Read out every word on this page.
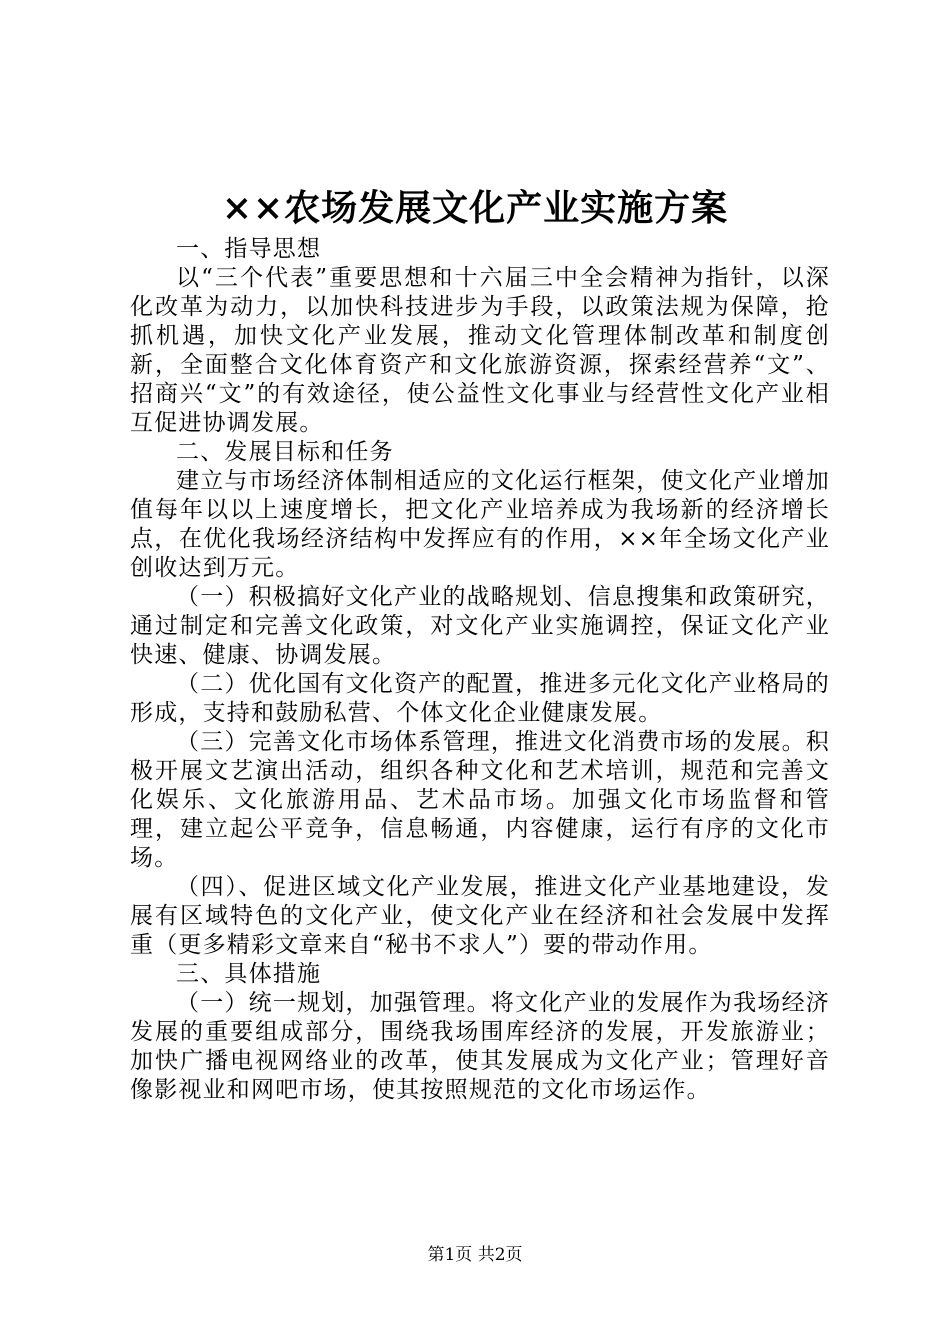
××农场发展文化产业实施方案

一、指导思想

以“三个代表”重要思想和十六届三中全会精神为指针，以深化改革为动力，以加快科技进步为手段，以政策法规为保障，抢抓机遇，加快文化产业发展，推动文化管理体制改革和制度创新，全面整合文化体育资产和文化旅游资源，探索经营养“文”、招商兴“文”的有效途径，使公益性文化事业与经营性文化产业相互促进协调发展。

二、发展目标和任务

建立与市场经济体制相适应的文化运行框架，使文化产业增加值每年以以上速度增长，把文化产业培养成为我场新的经济增长点，在优化我场经济结构中发挥应有的作用，××年全场文化产业创收达到万元。

（一）积极搞好文化产业的战略规划、信息搜集和政策研究，通过制定和完善文化政策，对文化产业实施调控，保证文化产业快速、健康、协调发展。

（二）优化国有文化资产的配置，推进多元化文化产业格局的形成，支持和鼓励私营、个体文化企业健康发展。

（三）完善文化市场体系管理，推进文化消费市场的发展。积极开展文艺演出活动，组织各种文化和艺术培训，规范和完善文化娱乐、文化旅游用品、艺术品市场。加强文化市场监督和管理，建立起公平竞争，信息畅通，内容健康，运行有序的文化市场。

（四）、促进区域文化产业发展，推进文化产业基地建设，发展有区域特色的文化产业，使文化产业在经济和社会发展中发挥重（更多精彩文章来自“秘书不求人”）要的带动作用。

三、具体措施

（一）统一规划，加强管理。将文化产业的发展作为我场经济发展的重要组成部分，围绕我场围库经济的发展，开发旅游业；加快广播电视网络业的改革，使其发展成为文化产业；管理好音像影视业和网吧市场，使其按照规范的文化市场运作。

第1页 共2页
